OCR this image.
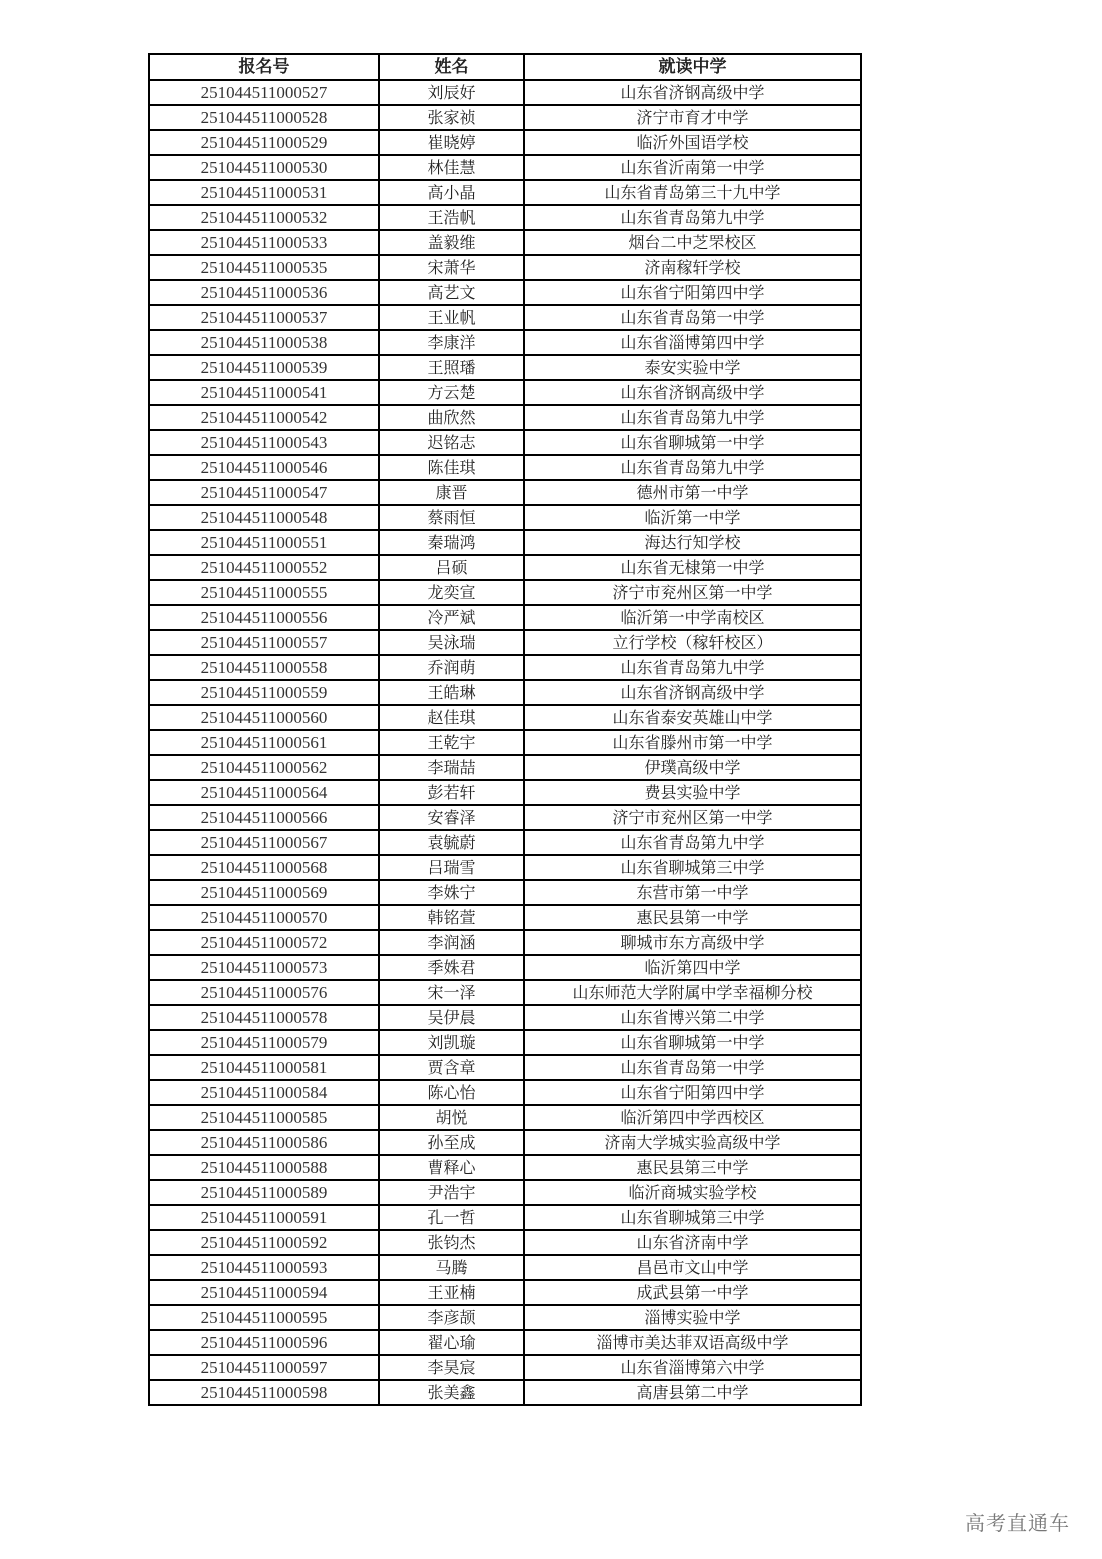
报名号	姓名	就读中学
251044511000527	刘辰好	山东省济钢高级中学
251044511000528	张家祯	济宁市育才中学
251044511000529	崔晓婷	临沂外国语学校
251044511000530	林佳慧	山东省沂南第一中学
251044511000531	高小晶	山东省青岛第三十九中学
251044511000532	王浩帆	山东省青岛第九中学
251044511000533	盖毅维	烟台二中芝罘校区
251044511000535	宋萧华	济南稼轩学校
251044511000536	高艺文	山东省宁阳第四中学
251044511000537	王业帆	山东省青岛第一中学
251044511000538	李康洋	山东省淄博第四中学
251044511000539	王照璠	泰安实验中学
251044511000541	方云楚	山东省济钢高级中学
251044511000542	曲欣然	山东省青岛第九中学
251044511000543	迟铭志	山东省聊城第一中学
251044511000546	陈佳琪	山东省青岛第九中学
251044511000547	康晋	德州市第一中学
251044511000548	蔡雨恒	临沂第一中学
251044511000551	秦瑞鸿	海达行知学校
251044511000552	吕硕	山东省无棣第一中学
251044511000555	龙奕宣	济宁市兖州区第一中学
251044511000556	冷严斌	临沂第一中学南校区
251044511000557	吴泳瑞	立行学校（稼轩校区）
251044511000558	乔润萌	山东省青岛第九中学
251044511000559	王皓琳	山东省济钢高级中学
251044511000560	赵佳琪	山东省泰安英雄山中学
251044511000561	王乾宇	山东省滕州市第一中学
251044511000562	李瑞喆	伊璞高级中学
251044511000564	彭若轩	费县实验中学
251044511000566	安睿泽	济宁市兖州区第一中学
251044511000567	袁毓蔚	山东省青岛第九中学
251044511000568	吕瑞雪	山东省聊城第三中学
251044511000569	李姝宁	东营市第一中学
251044511000570	韩铭萱	惠民县第一中学
251044511000572	李润涵	聊城市东方高级中学
251044511000573	季姝君	临沂第四中学
251044511000576	宋一泽	山东师范大学附属中学幸福柳分校
251044511000578	吴伊晨	山东省博兴第二中学
251044511000579	刘凯璇	山东省聊城第一中学
251044511000581	贾含章	山东省青岛第一中学
251044511000584	陈心怡	山东省宁阳第四中学
251044511000585	胡悦	临沂第四中学西校区
251044511000586	孙至成	济南大学城实验高级中学
251044511000588	曹释心	惠民县第三中学
251044511000589	尹浩宇	临沂商城实验学校
251044511000591	孔一哲	山东省聊城第三中学
251044511000592	张钧杰	山东省济南中学
251044511000593	马腾	昌邑市文山中学
251044511000594	王亚楠	成武县第一中学
251044511000595	李彦颉	淄博实验中学
251044511000596	翟心瑜	淄博市美达菲双语高级中学
251044511000597	李昊宸	山东省淄博第六中学
251044511000598	张美鑫	高唐县第二中学
高考直通车
